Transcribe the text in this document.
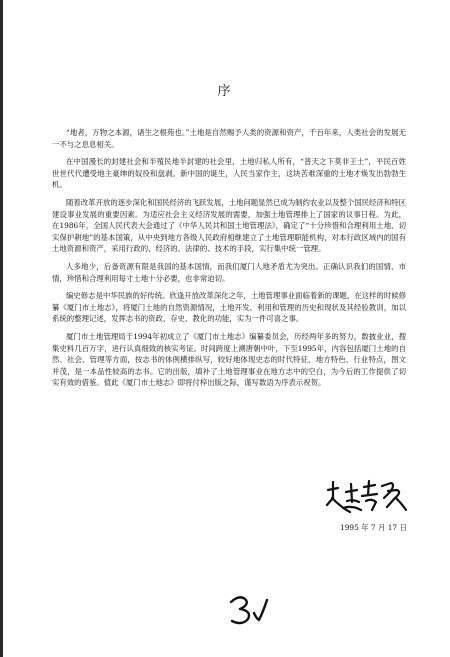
序

“地者，万物之本源，诸生之根苑也。”土地是自然赐予人类的资源和资产，千百年来，人类社会的发展无一不与之息息相关。

在中国漫长的封建社会和半殖民地半封建的社会里，土地归私人所有，“普天之下莫非王土”，平民百姓世世代代遭受地主豪绅的奴役和盘剥。新中国的诞生，人民当家作主，这块苦难深重的土地才焕发出勃勃生机。

随着改革开放的逐步深化和国民经济的飞跃发展，土地问题显然已成为制约农业以及整个国民经济和特区建设事业发展的重要因素。为适应社会主义经济发展的需要，加强土地管理排上了国家的议事日程。为此，在1986年，全国人民代表大会通过了《中华人民共和国土地管理法》，确定了“十分珍惜和合理利用土地、切实保护耕地”的基本国策，从中央到地方各级人民政府相继建立了土地管理职能机构，对本行政区域内的国有土地资源和资产，采用行政的、经济的、法律的、技术的手段，实行集中统一管理。

人多地少，后备资源有限是我国的基本国情，而我们厦门人地矛盾尤为突出。正确认识我们的国情、市情，珍惜和合理利用每寸土地十分必要，也非常迫切。

编史修志是中华民族的好传统。欣逢开放改革深化之年，土地管理事业面临着新的课题，在这样的时候修纂《厦门市土地志》，将厦门土地的自然资源情况，土地开发、利用和管理的历史和现状及其经验教训，加以系统的整理记述，发挥志书的资政、存史、教化的功能，实为一件可喜之事。

厦门市土地管理局于1994年初成立了《厦门市土地志》编纂委员会，历经两年多的努力，数披业业，搜集史料几百万字，进行认真细致的核实考证。时间跨度上溯唐朝中叶，下至1995年，内容包括厦门土地的自然、社会、管理等方面，按志书的体例横排纵写，较好地体现史志的时代特征、地方特色、行业特点，图文并茂，是一本品性较高的志书。它的出版，填补了土地管理事业在地方志中的空白，为今后的工作提供了切实有效的借鉴。值此《厦门市土地志》即将付梓出版之际，谨写数语为序表示祝贺。

1995 年 7 月 17 日
